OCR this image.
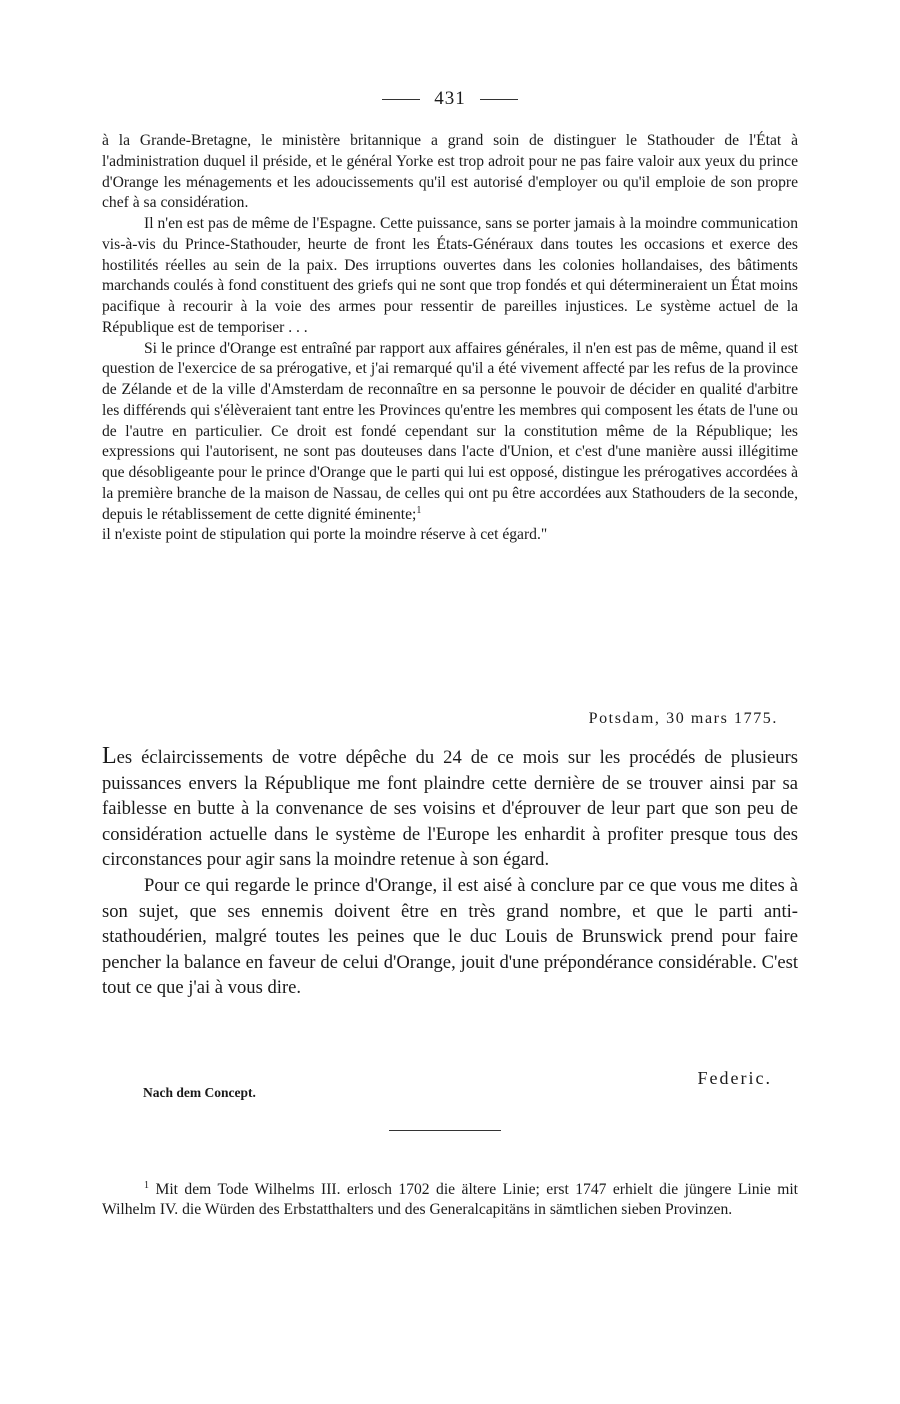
431

à la Grande-Bretagne, le ministère britannique a grand soin de distinguer le Stathouder de l'État à l'administration duquel il préside, et le général Yorke est trop adroit pour ne pas faire valoir aux yeux du prince d'Orange les ménagements et les adoucissements qu'il est autorisé d'employer ou qu'il emploie de son propre chef à sa considération.

Il n'en est pas de même de l'Espagne. Cette puissance, sans se porter jamais à la moindre communication vis-à-vis du Prince-Stathouder, heurte de front les États-Généraux dans toutes les occasions et exerce des hostilités réelles au sein de la paix. Des irruptions ouvertes dans les colonies hollandaises, des bâtiments marchands coulés à fond constituent des griefs qui ne sont que trop fondés et qui détermineraient un État moins pacifique à recourir à la voie des armes pour ressentir de pareilles injustices. Le système actuel de la République est de temporiser . . .

Si le prince d'Orange est entraîné par rapport aux affaires générales, il n'en est pas de même, quand il est question de l'exercice de sa prérogative, et j'ai remarqué qu'il a été vivement affecté par les refus de la province de Zélande et de la ville d'Amsterdam de reconnaître en sa personne le pouvoir de décider en qualité d'arbitre les différends qui s'élèveraient tant entre les Provinces qu'entre les membres qui composent les états de l'une ou de l'autre en particulier. Ce droit est fondé cependant sur la constitution même de la République; les expressions qui l'autorisent, ne sont pas douteuses dans l'acte d'Union, et c'est d'une manière aussi illégitime que désobligeante pour le prince d'Orange que le parti qui lui est opposé, distingue les prérogatives accordées à la première branche de la maison de Nassau, de celles qui ont pu être accordées aux Stathouders de la seconde, depuis le rétablissement de cette dignité éminente;$^1$

il n'existe point de stipulation qui porte la moindre réserve à cet égard."

Potsdam, 30 mars 1775.

Les éclaircissements de votre dépêche du 24 de ce mois sur les procédés de plusieurs puissances envers la République me font plaindre cette dernière de se trouver ainsi par sa faiblesse en butte à la convenance de ses voisins et d'éprouver de leur part que son peu de considération actuelle dans le système de l'Europe les enhardit à profiter presque tous des circonstances pour agir sans la moindre retenue à son égard.

Pour ce qui regarde le prince d'Orange, il est aisé à conclure par ce que vous me dites à son sujet, que ses ennemis doivent être en très grand nombre, et que le parti anti-stathoudérien, malgré toutes les peines que le duc Louis de Brunswick prend pour faire pencher la balance en faveur de celui d'Orange, jouit d'une prépondérance considérable. C'est tout ce que j'ai à vous dire.

Federic.
Nach dem Concept.
$^1$ Mit dem Tode Wilhelms III. erlosch 1702 die ältere Linie; erst 1747 erhielt die jüngere Linie mit Wilhelm IV. die Würden des Erbstatthalters und des Generalcapitäns in sämtlichen sieben Provinzen.
